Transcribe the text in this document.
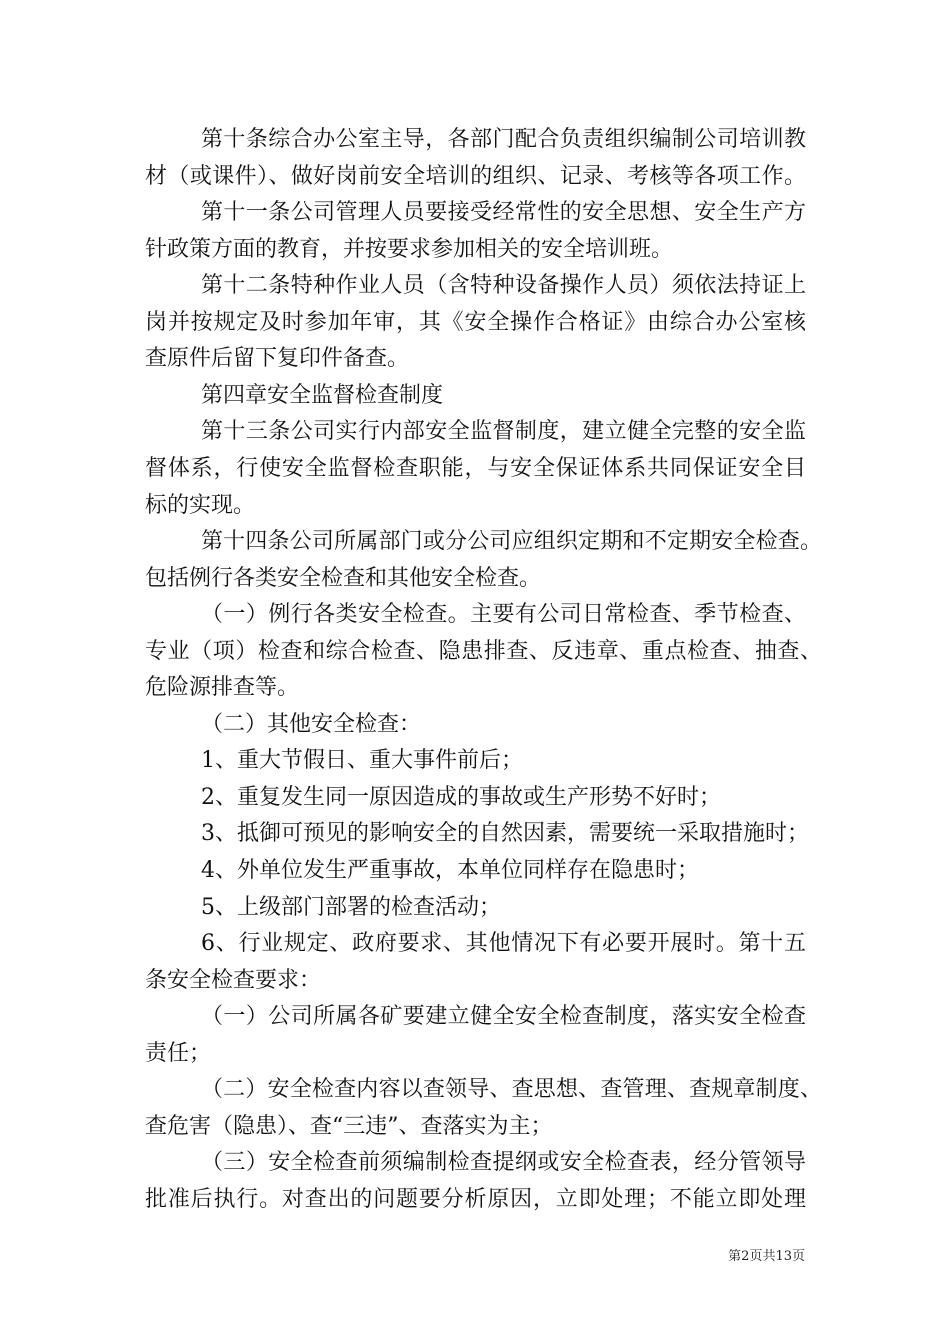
第十条综合办公室主导，各部门配合负责组织编制公司培训教
材（或课件）、做好岗前安全培训的组织、记录、考核等各项工作。
第十一条公司管理人员要接受经常性的安全思想、安全生产方
针政策方面的教育，并按要求参加相关的安全培训班。
第十二条特种作业人员（含特种设备操作人员）须依法持证上
岗并按规定及时参加年审，其《安全操作合格证》由综合办公室核
查原件后留下复印件备查。
第四章安全监督检查制度
第十三条公司实行内部安全监督制度，建立健全完整的安全监
督体系，行使安全监督检查职能，与安全保证体系共同保证安全目
标的实现。
第十四条公司所属部门或分公司应组织定期和不定期安全检查。
包括例行各类安全检查和其他安全检查。
（一）例行各类安全检查。主要有公司日常检查、季节检查、
专业（项）检查和综合检查、隐患排查、反违章、重点检查、抽查、
危险源排查等。
（二）其他安全检查：
1、重大节假日、重大事件前后；
2、重复发生同一原因造成的事故或生产形势不好时；
3、抵御可预见的影响安全的自然因素，需要统一采取措施时；
4、外单位发生严重事故，本单位同样存在隐患时；
5、上级部门部署的检查活动；
6、行业规定、政府要求、其他情况下有必要开展时。第十五
条安全检查要求：
（一）公司所属各矿要建立健全安全检查制度，落实安全检查
责任；
（二）安全检查内容以查领导、查思想、查管理、查规章制度、
查危害（隐患）、查“三违”、查落实为主；
（三）安全检查前须编制检查提纲或安全检查表，经分管领导
批准后执行。对查出的问题要分析原因，立即处理；不能立即处理
第2页共13页
